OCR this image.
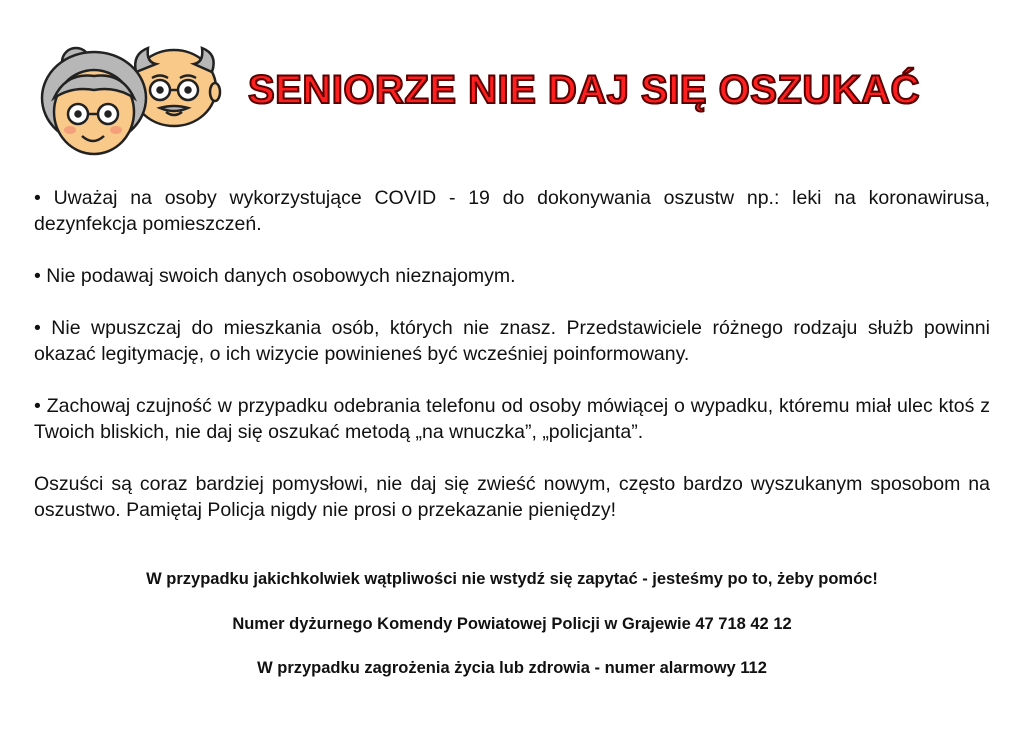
SENIORZE NIE DAJ SIĘ OSZUKAĆ

• Uważaj na osoby wykorzystujące COVID - 19 do dokonywania oszustw np.: leki na koronawirusa, dezynfekcja pomieszczeń.

• Nie podawaj swoich danych osobowych nieznajomym.

• Nie wpuszczaj do mieszkania osób, których nie znasz. Przedstawiciele różnego rodzaju służb powinni okazać legitymację, o ich wizycie powinieneś być wcześniej poinformowany.

• Zachowaj czujność w przypadku odebrania telefonu od osoby mówiącej o wypadku, któremu miał ulec ktoś z Twoich bliskich, nie daj się oszukać metodą „na wnuczka”, „policjanta”.

Oszuści są coraz bardziej pomysłowi, nie daj się zwieść nowym, często bardzo wyszukanym sposobom na oszustwo. Pamiętaj Policja nigdy nie prosi o przekazanie pieniędzy!

W przypadku jakichkolwiek wątpliwości nie wstydź się zapytać - jesteśmy po to, żeby pomóc!

Numer dyżurnego Komendy Powiatowej Policji w Grajewie 47 718 42 12

W przypadku zagrożenia życia lub zdrowia - numer alarmowy 112
